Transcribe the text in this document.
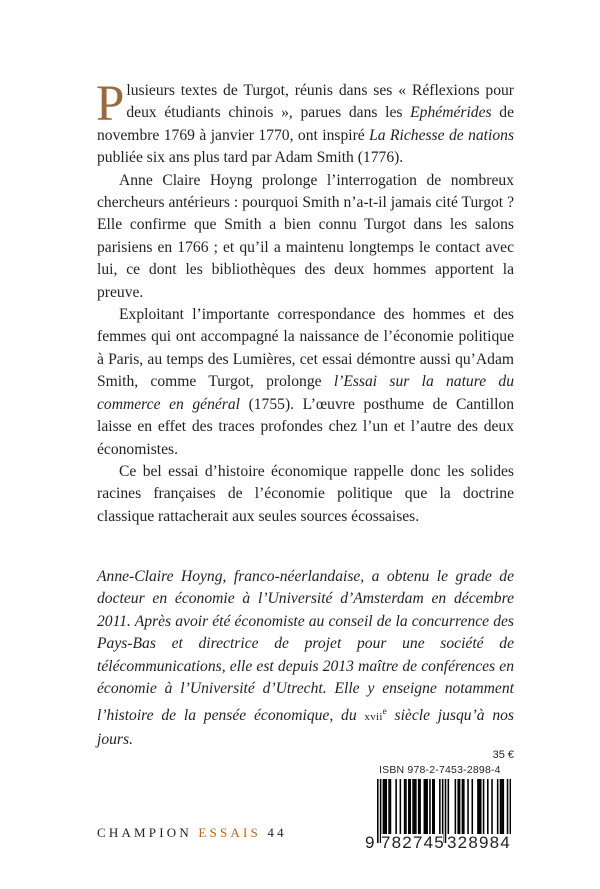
Plusieurs textes de Turgot, réunis dans ses « Réflexions pour deux étudiants chinois », parues dans les Ephémérides de novembre 1769 à janvier 1770, ont inspiré La Richesse de nations publiée six ans plus tard par Adam Smith (1776).

Anne Claire Hoyng prolonge l’interrogation de nombreux chercheurs antérieurs : pourquoi Smith n’a-t-il jamais cité Turgot ? Elle confirme que Smith a bien connu Turgot dans les salons parisiens en 1766 ; et qu’il a maintenu longtemps le contact avec lui, ce dont les bibliothèques des deux hommes apportent la preuve.

Exploitant l’importante correspondance des hommes et des femmes qui ont accompagné la naissance de l’économie politique à Paris, au temps des Lumières, cet essai démontre aussi qu’Adam Smith, comme Turgot, prolonge l’Essai sur la nature du commerce en général (1755). L’œuvre posthume de Cantillon laisse en effet des traces profondes chez l’un et l’autre des deux économistes.

Ce bel essai d’histoire économique rappelle donc les solides racines françaises de l’économie politique que la doctrine classique rattacherait aux seules sources écossaises.

Anne-Claire Hoyng, franco-néerlandaise, a obtenu le grade de docteur en économie à l’Université d’Amsterdam en décembre 2011. Après avoir été économiste au conseil de la concurrence des Pays-Bas et directrice de projet pour une société de télécommunications, elle est depuis 2013 maître de conférences en économie à l’Université d’Utrecht. Elle y enseigne notamment l’histoire de la pensée économique, du xvii$^e$ siècle jusqu’à nos jours.

35 €
ISBN 978-2-7453-2898-4
9 782745 328984
CHAMPION ESSAIS 44
